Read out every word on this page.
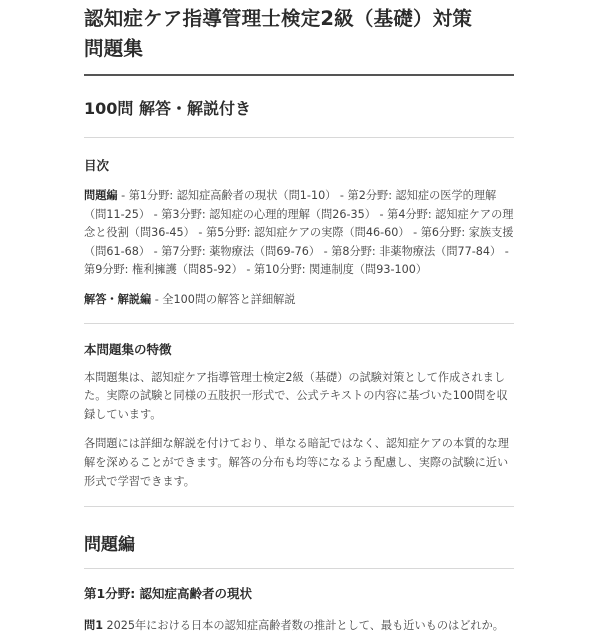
認知症ケア指導管理士検定2級（基礎）対策
問題集
100問 解答・解説付き
目次

問題編 - 第1分野: 認知症高齢者の現状（問1-10） - 第2分野: 認知症の医学的理解（問11-25） - 第3分野: 認知症の心理的理解（問26-35） - 第4分野: 認知症ケアの理念と役割（問36-45） - 第5分野: 認知症ケアの実際（問46-60） - 第6分野: 家族支援（問61-68） - 第7分野: 薬物療法（問69-76） - 第8分野: 非薬物療法（問77-84） - 第9分野: 権利擁護（問85-92） - 第10分野: 関連制度（問93-100）

解答・解説編 - 全100問の解答と詳細解説

本問題集の特徴

本問題集は、認知症ケア指導管理士検定2級（基礎）の試験対策として作成されました。実際の試験と同様の五肢択一形式で、公式テキストの内容に基づいた100問を収録しています。

各問題には詳細な解説を付けており、単なる暗記ではなく、認知症ケアの本質的な理解を深めることができます。解答の分布も均等になるよう配慮し、実際の試験に近い形式で学習できます。

問題編
第1分野: 認知症高齢者の現状

問1 2025年における日本の認知症高齢者数の推計として、最も近いものはどれか。
